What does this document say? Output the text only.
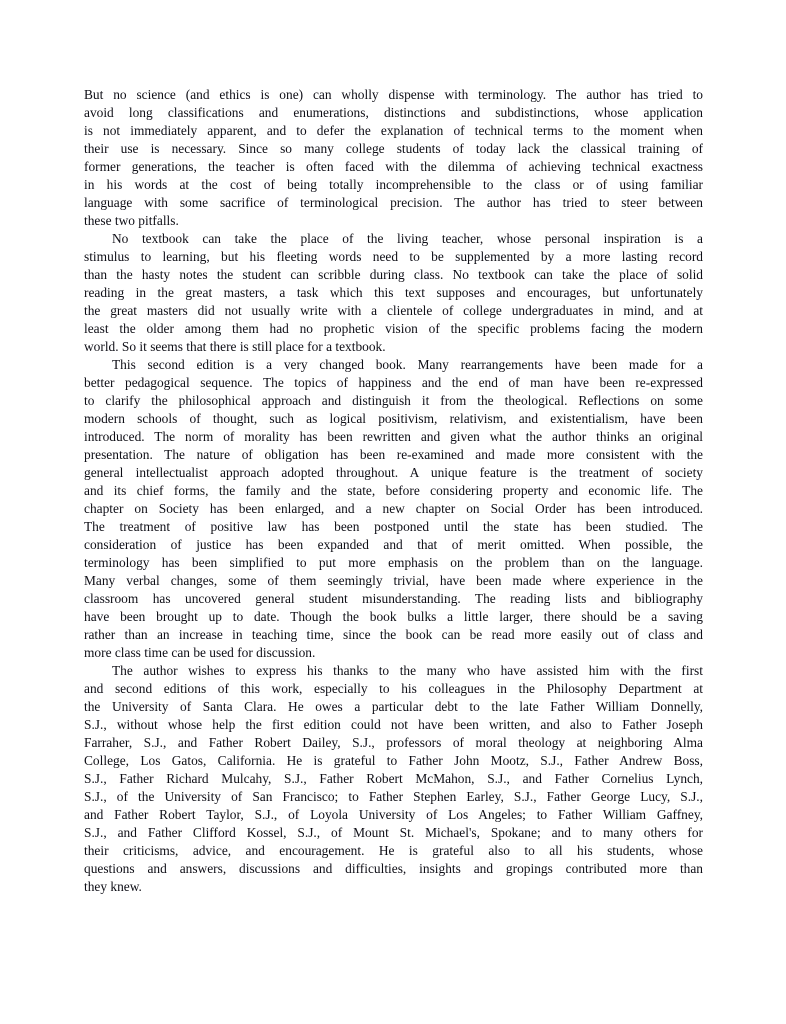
But no science (and ethics is one) can wholly dispense with terminology. The author has tried to
avoid long classifications and enumerations, distinctions and subdistinctions, whose application
is not immediately apparent, and to defer the explanation of technical terms to the moment when
their use is necessary. Since so many college students of today lack the classical training of
former generations, the teacher is often faced with the dilemma of achieving technical exactness
in his words at the cost of being totally incomprehensible to the class or of using familiar
language with some sacrifice of terminological precision. The author has tried to steer between
these two pitfalls.
No textbook can take the place of the living teacher, whose personal inspiration is a
stimulus to learning, but his fleeting words need to be supplemented by a more lasting record
than the hasty notes the student can scribble during class. No textbook can take the place of solid
reading in the great masters, a task which this text supposes and encourages, but unfortunately
the great masters did not usually write with a clientele of college undergraduates in mind, and at
least the older among them had no prophetic vision of the specific problems facing the modern
world. So it seems that there is still place for a textbook.
This second edition is a very changed book. Many rearrangements have been made for a
better pedagogical sequence. The topics of happiness and the end of man have been re-expressed
to clarify the philosophical approach and distinguish it from the theological. Reflections on some
modern schools of thought, such as logical positivism, relativism, and existentialism, have been
introduced. The norm of morality has been rewritten and given what the author thinks an original
presentation. The nature of obligation has been re-examined and made more consistent with the
general intellectualist approach adopted throughout. A unique feature is the treatment of society
and its chief forms, the family and the state, before considering property and economic life. The
chapter on Society has been enlarged, and a new chapter on Social Order has been introduced.
The treatment of positive law has been postponed until the state has been studied. The
consideration of justice has been expanded and that of merit omitted. When possible, the
terminology has been simplified to put more emphasis on the problem than on the language.
Many verbal changes, some of them seemingly trivial, have been made where experience in the
classroom has uncovered general student misunderstanding. The reading lists and bibliography
have been brought up to date. Though the book bulks a little larger, there should be a saving
rather than an increase in teaching time, since the book can be read more easily out of class and
more class time can be used for discussion.
The author wishes to express his thanks to the many who have assisted him with the first
and second editions of this work, especially to his colleagues in the Philosophy Department at
the University of Santa Clara. He owes a particular debt to the late Father William Donnelly,
S.J., without whose help the first edition could not have been written, and also to Father Joseph
Farraher, S.J., and Father Robert Dailey, S.J., professors of moral theology at neighboring Alma
College, Los Gatos, California. He is grateful to Father John Mootz, S.J., Father Andrew Boss,
S.J., Father Richard Mulcahy, S.J., Father Robert McMahon, S.J., and Father Cornelius Lynch,
S.J., of the University of San Francisco; to Father Stephen Earley, S.J., Father George Lucy, S.J.,
and Father Robert Taylor, S.J., of Loyola University of Los Angeles; to Father William Gaffney,
S.J., and Father Clifford Kossel, S.J., of Mount St. Michael's, Spokane; and to many others for
their criticisms, advice, and encouragement. He is grateful also to all his students, whose
questions and answers, discussions and difficulties, insights and gropings contributed more than
they knew.
